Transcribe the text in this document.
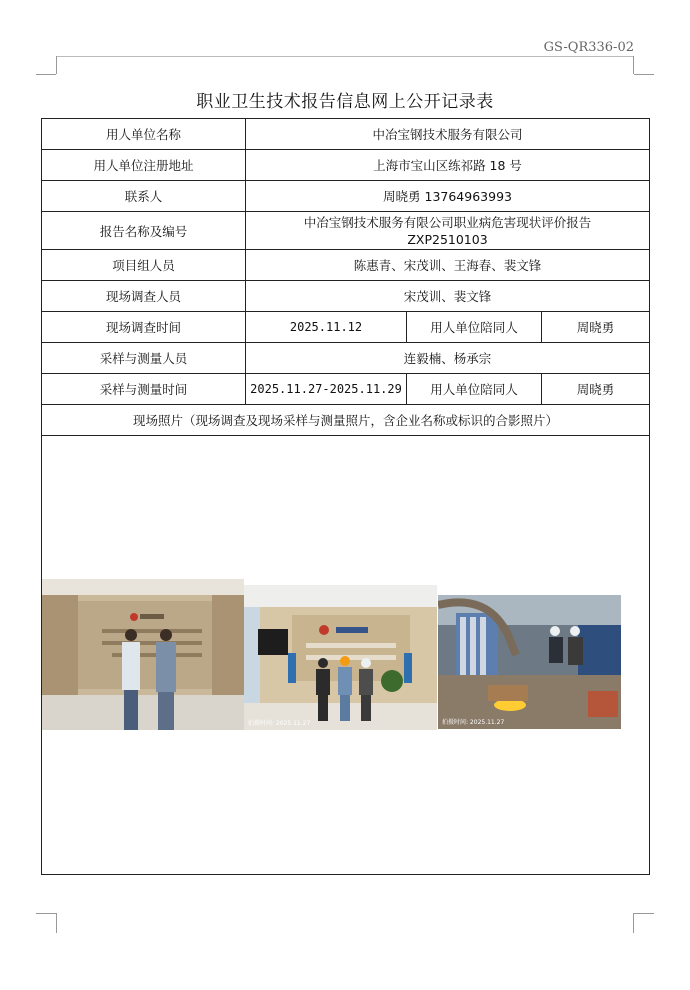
GS-QR336-02
职业卫生技术报告信息网上公开记录表
用人单位名称	中冶宝钢技术服务有限公司		
用人单位注册地址	上海市宝山区练祁路 18 号		
联系人	周晓勇 13764963993		
报告名称及编号	中冶宝钢技术服务有限公司职业病危害现状评价报告
ZXP2510103		

项目组人员	陈惠青、宋茂训、王海春、裴文锋		
现场调查人员	宋茂训、裴文锋		
现场调查时间	2025.11.12	用人单位陪同人	周晓勇
采样与测量人员	连毅楠、杨承宗		
采样与测量时间	2025.11.27-2025.11.29	用人单位陪同人	周晓勇
现场照片（现场调查及现场采样与测量照片，含企业名称或标识的合影照片）			

拍摄时间: 2025.11.27 拍摄时间: 2025.11.27			
